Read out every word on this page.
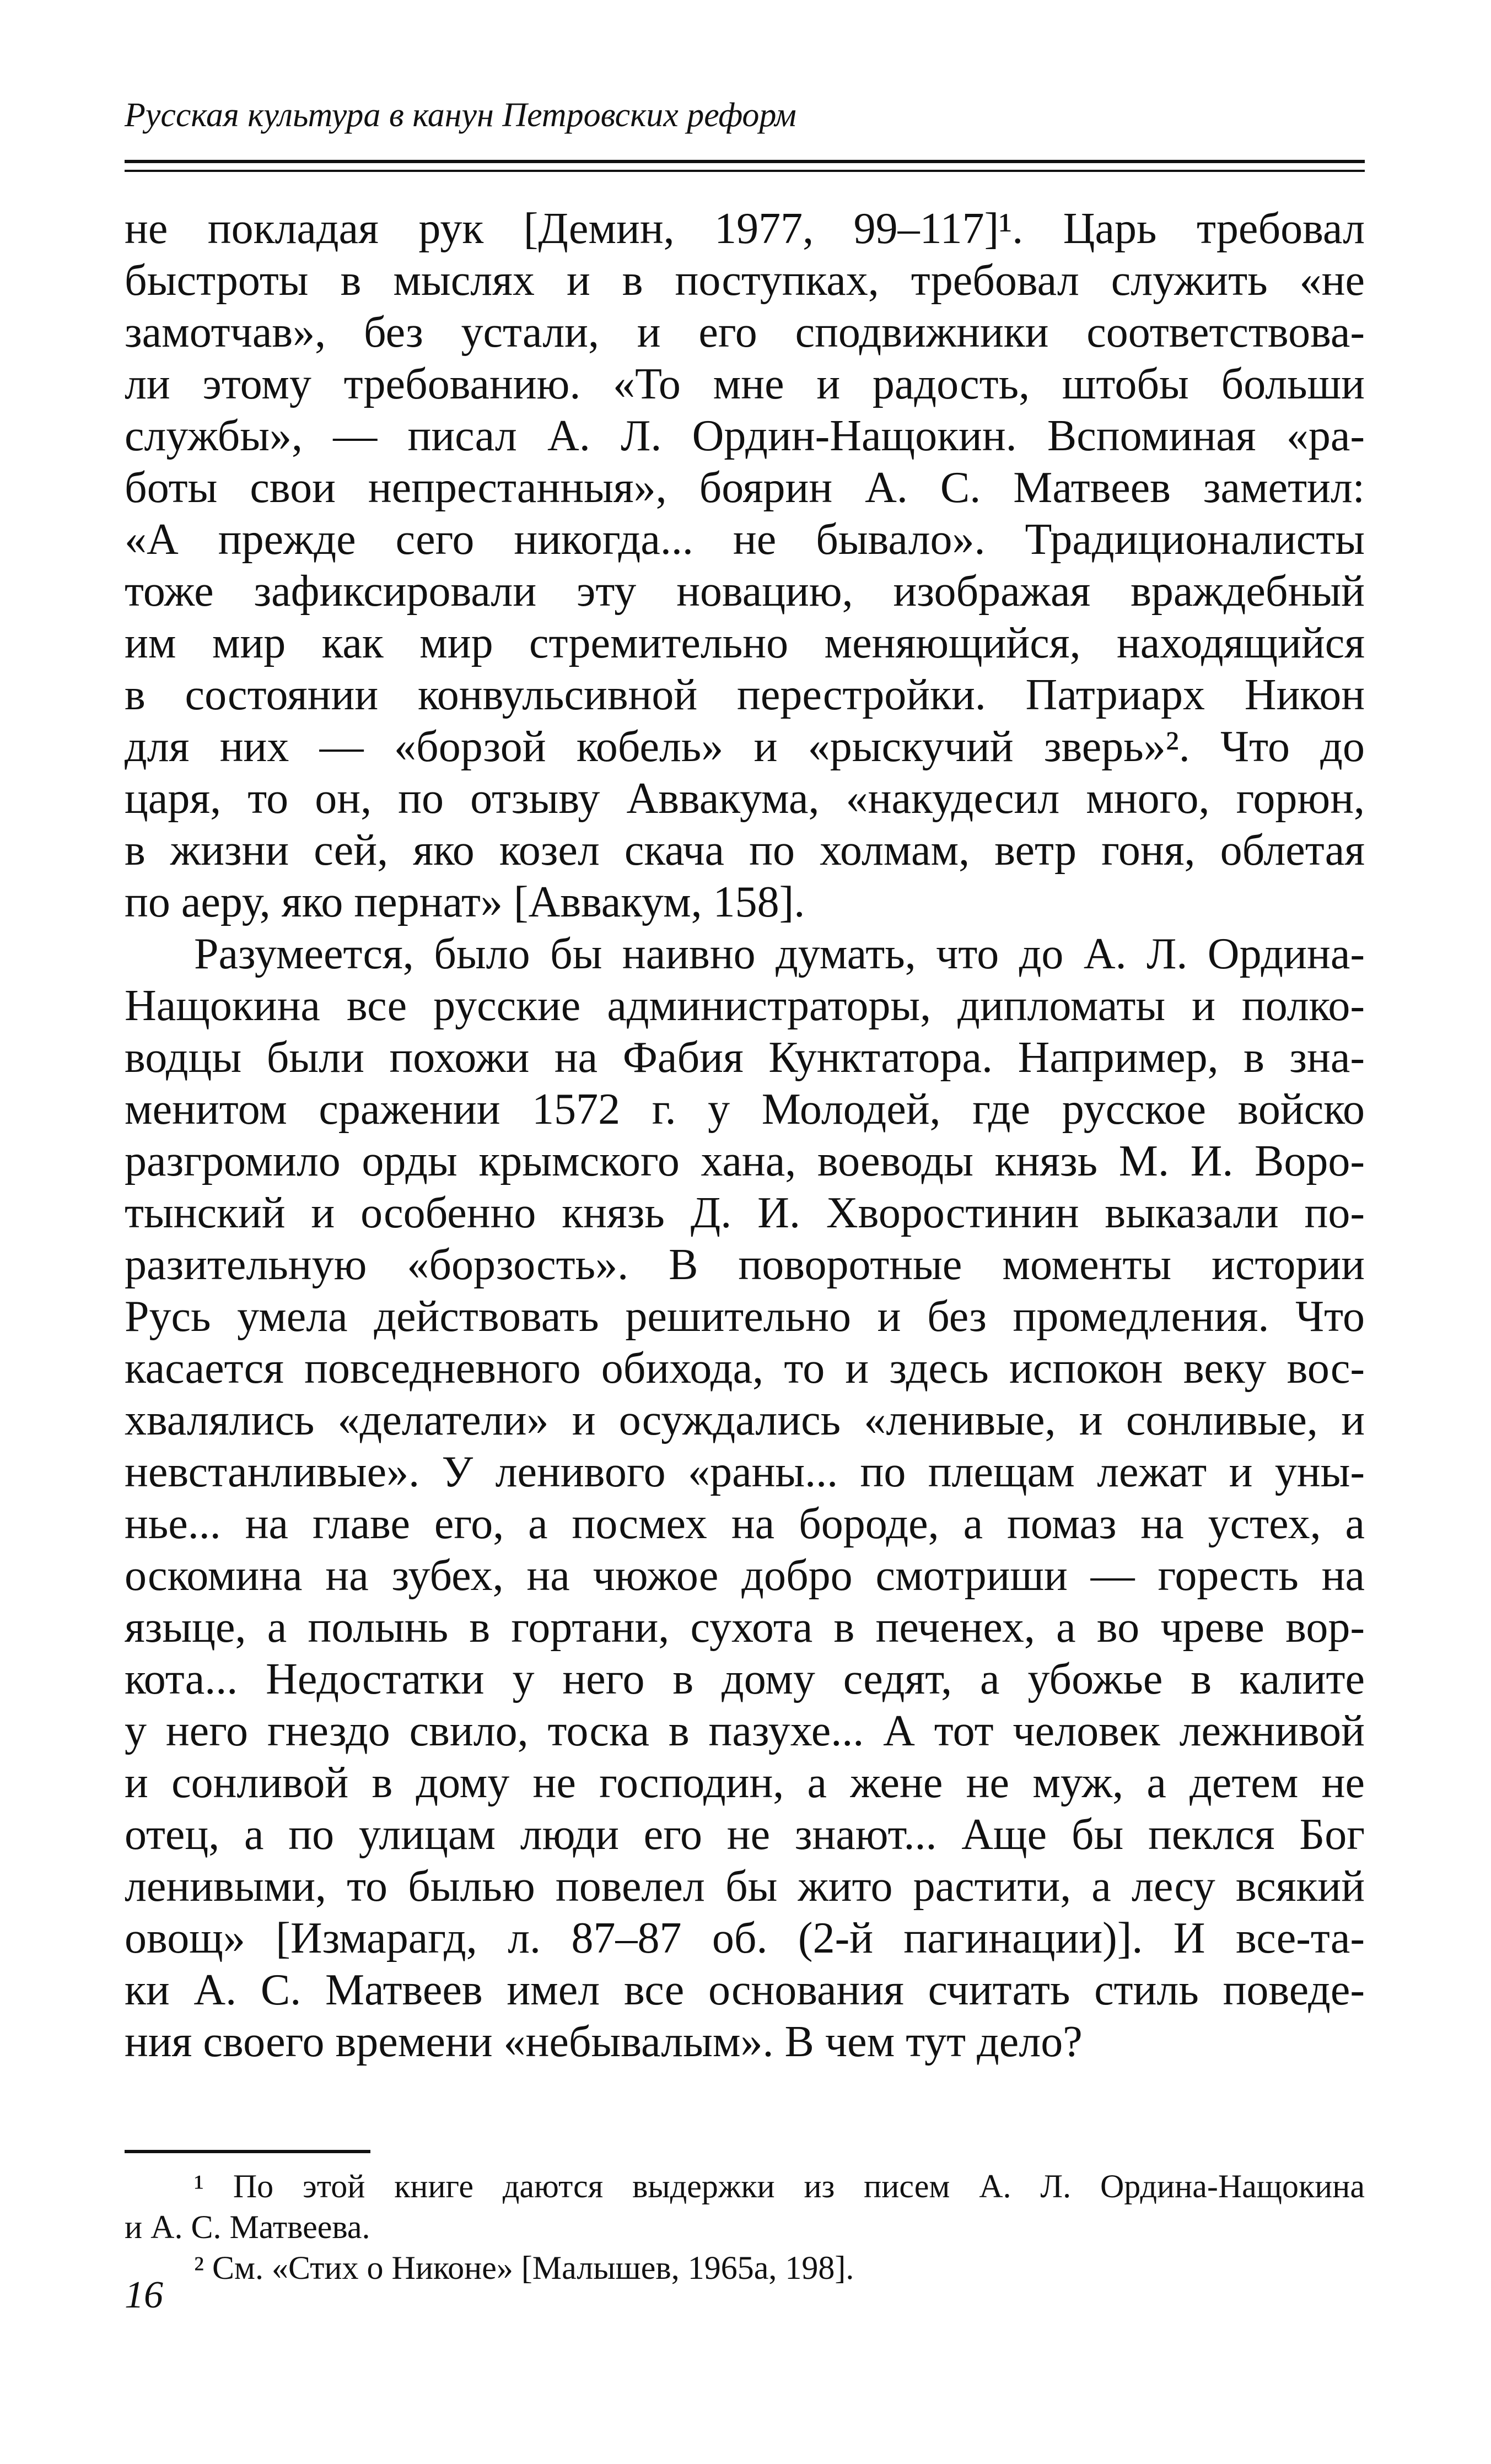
Русская культура в канун Петровских реформ
не покладая рук [Демин, 1977, 99–117]¹. Царь требовал
быстроты в мыслях и в поступках, требовал служить «не
замотчав», без устали, и его сподвижники соответствова-
ли этому требованию. «То мне и радость, штобы больши
службы», — писал А. Л. Ордин-Нащокин. Вспоминая «ра-
боты свои непрестанныя», боярин А. С. Матвеев заметил:
«А прежде сего никогда... не бывало». Традиционалисты
тоже зафиксировали эту новацию, изображая враждебный
им мир как мир стремительно меняющийся, находящийся
в состоянии конвульсивной перестройки. Патриарх Никон
для них — «борзой кобель» и «рыскучий зверь»². Что до
царя, то он, по отзыву Аввакума, «накудесил много, горюн,
в жизни сей, яко козел скача по холмам, ветр гоня, облетая
по аеру, яко пернат» [Аввакум, 158].
Разумеется, было бы наивно думать, что до А. Л. Ордина-
Нащокина все русские администраторы, дипломаты и полко-
водцы были похожи на Фабия Кунктатора. Например, в зна-
менитом сражении 1572 г. у Молодей, где русское войско
разгромило орды крымского хана, воеводы князь М. И. Воро-
тынский и особенно князь Д. И. Хворостинин выказали по-
разительную «борзость». В поворотные моменты истории
Русь умела действовать решительно и без промедления. Что
касается повседневного обихода, то и здесь испокон веку вос-
хвалялись «делатели» и осуждались «ленивые, и сонливые, и
невстанливые». У ленивого «раны... по плещам лежат и уны-
нье... на главе его, а посмех на бороде, а помаз на устех, а
оскомина на зубех, на чюжое добро смотриши — горесть на
языце, а полынь в гортани, сухота в печенех, а во чреве вор-
кота... Недостатки у него в дому седят, а убожье в калите
у него гнездо свило, тоска в пазухе... А тот человек лежнивой
и сонливой в дому не господин, а жене не муж, а детем не
отец, а по улицам люди его не знают... Аще бы пеклся Бог
ленивыми, то былью повелел бы жито растити, а лесу всякий
овощ» [Измарагд, л. 87–87 об. (2-й пагинации)]. И все-та-
ки А. С. Матвеев имел все основания считать стиль поведе-
ния своего времени «небывалым». В чем тут дело?
¹ По этой книге даются выдержки из писем А. Л. Ордина-Нащокина
и А. С. Матвеева.
² См. «Стих о Никоне» [Малышев, 1965а, 198].
16
